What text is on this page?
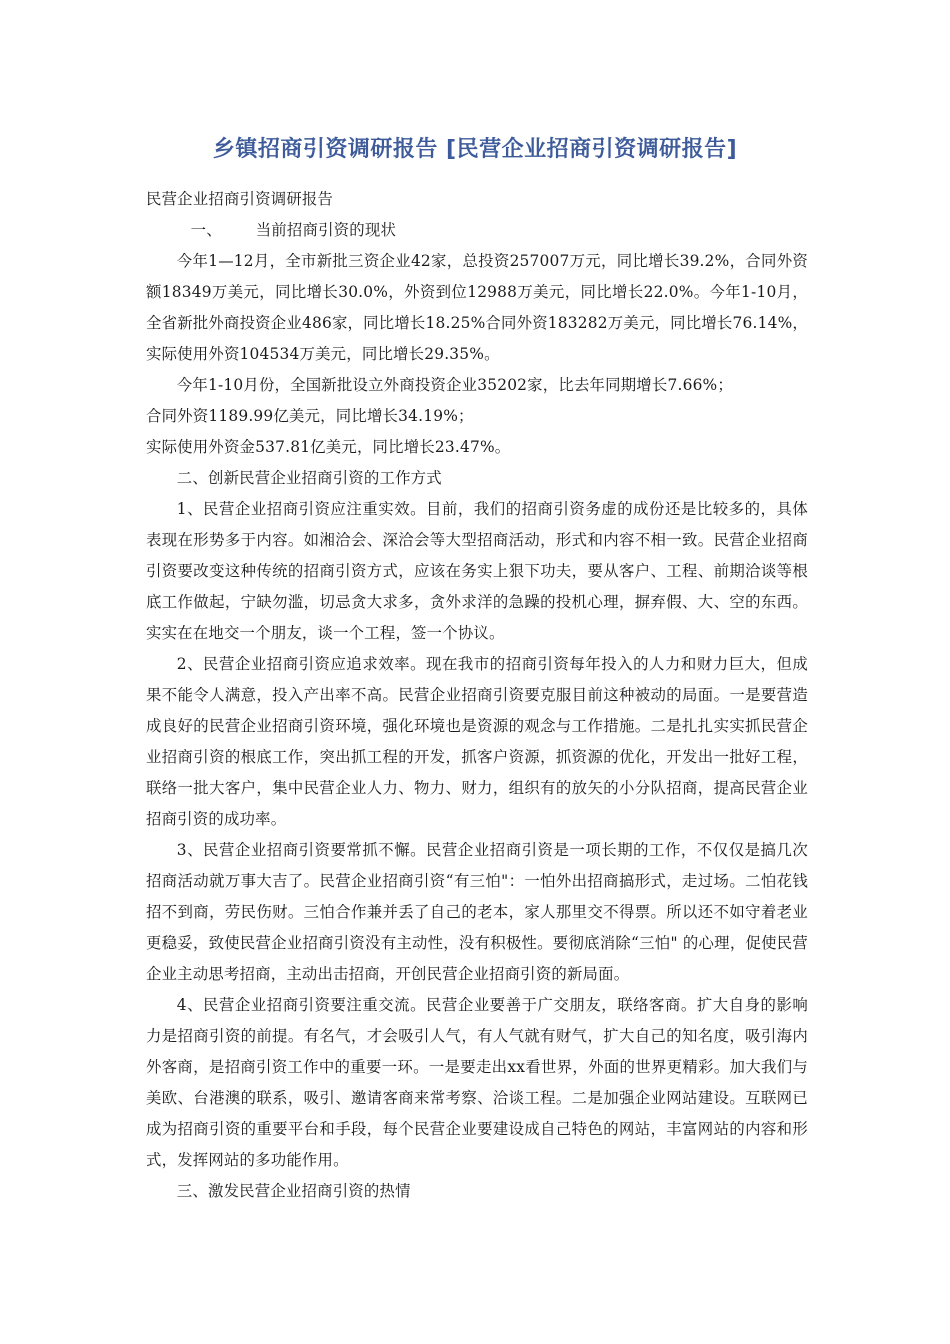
乡镇招商引资调研报告 [民营企业招商引资调研报告]

民营企业招商引资调研报告

一、 当前招商引资的现状

今年1—12月，全市新批三资企业42家，总投资257007万元，同比增长39.2%，合同外资额18349万美元，同比增长30.0%，外资到位12988万美元，同比增长22.0%。今年1-10月，全省新批外商投资企业486家，同比增长18.25%合同外资183282万美元，同比增长76.14%，实际使用外资104534万美元，同比增长29.35%。

今年1-10月份，全国新批设立外商投资企业35202家，比去年同期增长7.66%；

合同外资1189.99亿美元，同比增长34.19%；

实际使用外资金537.81亿美元，同比增长23.47%。

二、创新民营企业招商引资的工作方式

1、民营企业招商引资应注重实效。目前，我们的招商引资务虚的成份还是比较多的，具体表现在形势多于内容。如湘洽会、深洽会等大型招商活动，形式和内容不相一致。民营企业招商引资要改变这种传统的招商引资方式，应该在务实上狠下功夫，要从客户、工程、前期洽谈等根底工作做起，宁缺勿滥，切忌贪大求多，贪外求洋的急躁的投机心理，摒弃假、大、空的东西。实实在在地交一个朋友，谈一个工程，签一个协议。

2、民营企业招商引资应追求效率。现在我市的招商引资每年投入的人力和财力巨大，但成果不能令人满意，投入产出率不高。民营企业招商引资要克服目前这种被动的局面。一是要营造成良好的民营企业招商引资环境，强化环境也是资源的观念与工作措施。二是扎扎实实抓民营企业招商引资的根底工作，突出抓工程的开发，抓客户资源，抓资源的优化，开发出一批好工程，联络一批大客户，集中民营企业人力、物力、财力，组织有的放矢的小分队招商，提高民营企业招商引资的成功率。

3、民营企业招商引资要常抓不懈。民营企业招商引资是一项长期的工作，不仅仅是搞几次招商活动就万事大吉了。民营企业招商引资“有三怕"：一怕外出招商搞形式，走过场。二怕花钱招不到商，劳民伤财。三怕合作兼并丢了自己的老本，家人那里交不得票。所以还不如守着老业更稳妥，致使民营企业招商引资没有主动性，没有积极性。要彻底消除“三怕" 的心理，促使民营企业主动思考招商，主动出击招商，开创民营企业招商引资的新局面。

4、民营企业招商引资要注重交流。民营企业要善于广交朋友，联络客商。扩大自身的影响力是招商引资的前提。有名气，才会吸引人气，有人气就有财气，扩大自己的知名度，吸引海内外客商，是招商引资工作中的重要一环。一是要走出xx看世界，外面的世界更精彩。加大我们与美欧、台港澳的联系，吸引、邀请客商来常考察、洽谈工程。二是加强企业网站建设。互联网已成为招商引资的重要平台和手段，每个民营企业要建设成自己特色的网站，丰富网站的内容和形式，发挥网站的多功能作用。

三、激发民营企业招商引资的热情
